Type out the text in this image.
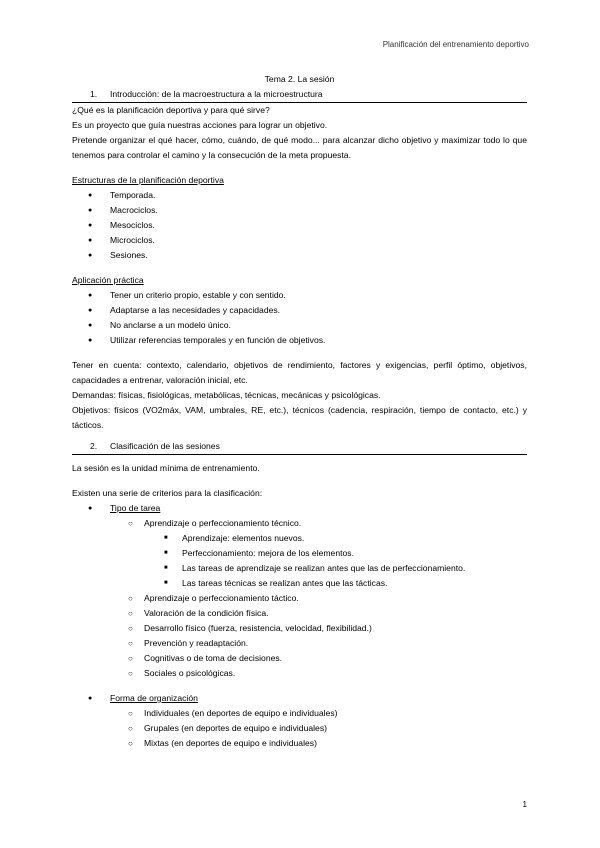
Planificación del entrenamiento deportivo
Tema 2. La sesión
1.	Introducción: de la macroestructura a la microestructura
¿Qué es la planificación deportiva y para qué sirve?
Es un proyecto que guía nuestras acciones para lograr un objetivo.
Pretende organizar el qué hacer, cómo, cuándo, de qué modo... para alcanzar dicho objetivo y maximizar todo lo que tenemos para controlar el camino y la consecución de la meta propuesta.
Estructuras de la planificación deportiva
● Temporada.
● Macrociclos.
● Mesociclos.
● Microciclos.
● Sesiones.
Aplicación práctica
● Tener un criterio propio, estable y con sentido.
● Adaptarse a las necesidades y capacidades.
● No anclarse a un modelo único.
● Utilizar referencias temporales y en función de objetivos.
Tener en cuenta: contexto, calendario, objetivos de rendimiento, factores y exigencias, perfil óptimo, objetivos, capacidades a entrenar, valoración inicial, etc.
Demandas: físicas, fisiológicas, metabólicas, técnicas, mecánicas y psicológicas.
Objetivos: físicos (VO2máx, VAM, umbrales, RE, etc.), técnicos (cadencia, respiración, tiempo de contacto, etc.) y tácticos.
2.	Clasificación de las sesiones
La sesión es la unidad mínima de entrenamiento.
Existen una serie de criterios para la clasificación:
● Tipo de tarea
○ Aprendizaje o perfeccionamiento técnico.
■ Aprendizaje: elementos nuevos.
■ Perfeccionamiento: mejora de los elementos.
■ Las tareas de aprendizaje se realizan antes que las de perfeccionamiento.
■ Las tareas técnicas se realizan antes que las tácticas.
○ Aprendizaje o perfeccionamiento táctico.
○ Valoración de la condición física.
○ Desarrollo físico (fuerza, resistencia, velocidad, flexibilidad.)
○ Prevención y readaptación.
○ Cognitivas o de toma de decisiones.
○ Sociales o psicológicas.
● Forma de organización
○ Individuales (en deportes de equipo e individuales)
○ Grupales (en deportes de equipo e individuales)
○ Mixtas (en deportes de equipo e individuales)
1
